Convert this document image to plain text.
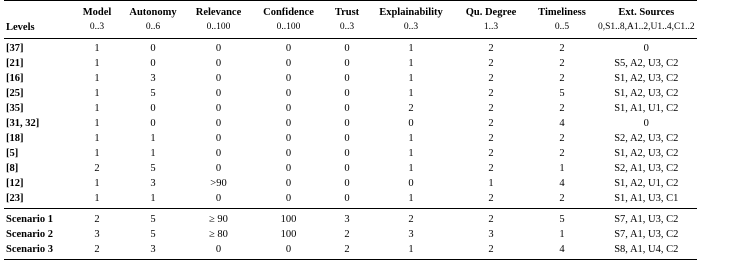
	Model	Autonomy	Relevance	Confidence	Trust	Explainability	Qu. Degree	Timeliness	Ext. Sources
Levels	0..3	0..6	0..100	0..100	0..3	0..3	1..3	0..5	0,S1..8,A1..2,U1..4,C1..2
[37]	1	0	0	0	0	1	2	2	0
[21]	1	0	0	0	0	1	2	2	S5, A2, U3, C2
[16]	1	3	0	0	0	1	2	2	S1, A2, U3, C2
[25]	1	5	0	0	0	1	2	5	S1, A2, U3, C2
[35]	1	0	0	0	0	2	2	2	S1, A1, U1, C2
[31, 32]	1	0	0	0	0	0	2	4	0
[18]	1	1	0	0	0	1	2	2	S2, A2, U3, C2
[5]	1	1	0	0	0	1	2	2	S1, A2, U3, C2
[8]	2	5	0	0	0	1	2	1	S2, A1, U3, C2
[12]	1	3	>90	0	0	0	1	4	S1, A2, U1, C2
[23]	1	1	0	0	0	1	2	2	S1, A1, U3, C1
Scenario 1	2	5	≥ 90	100	3	2	2	5	S7, A1, U3, C2
Scenario 2	3	5	≥ 80	100	2	3	3	1	S7, A1, U3, C2
Scenario 3	2	3	0	0	2	1	2	4	S8, A1, U4, C2
